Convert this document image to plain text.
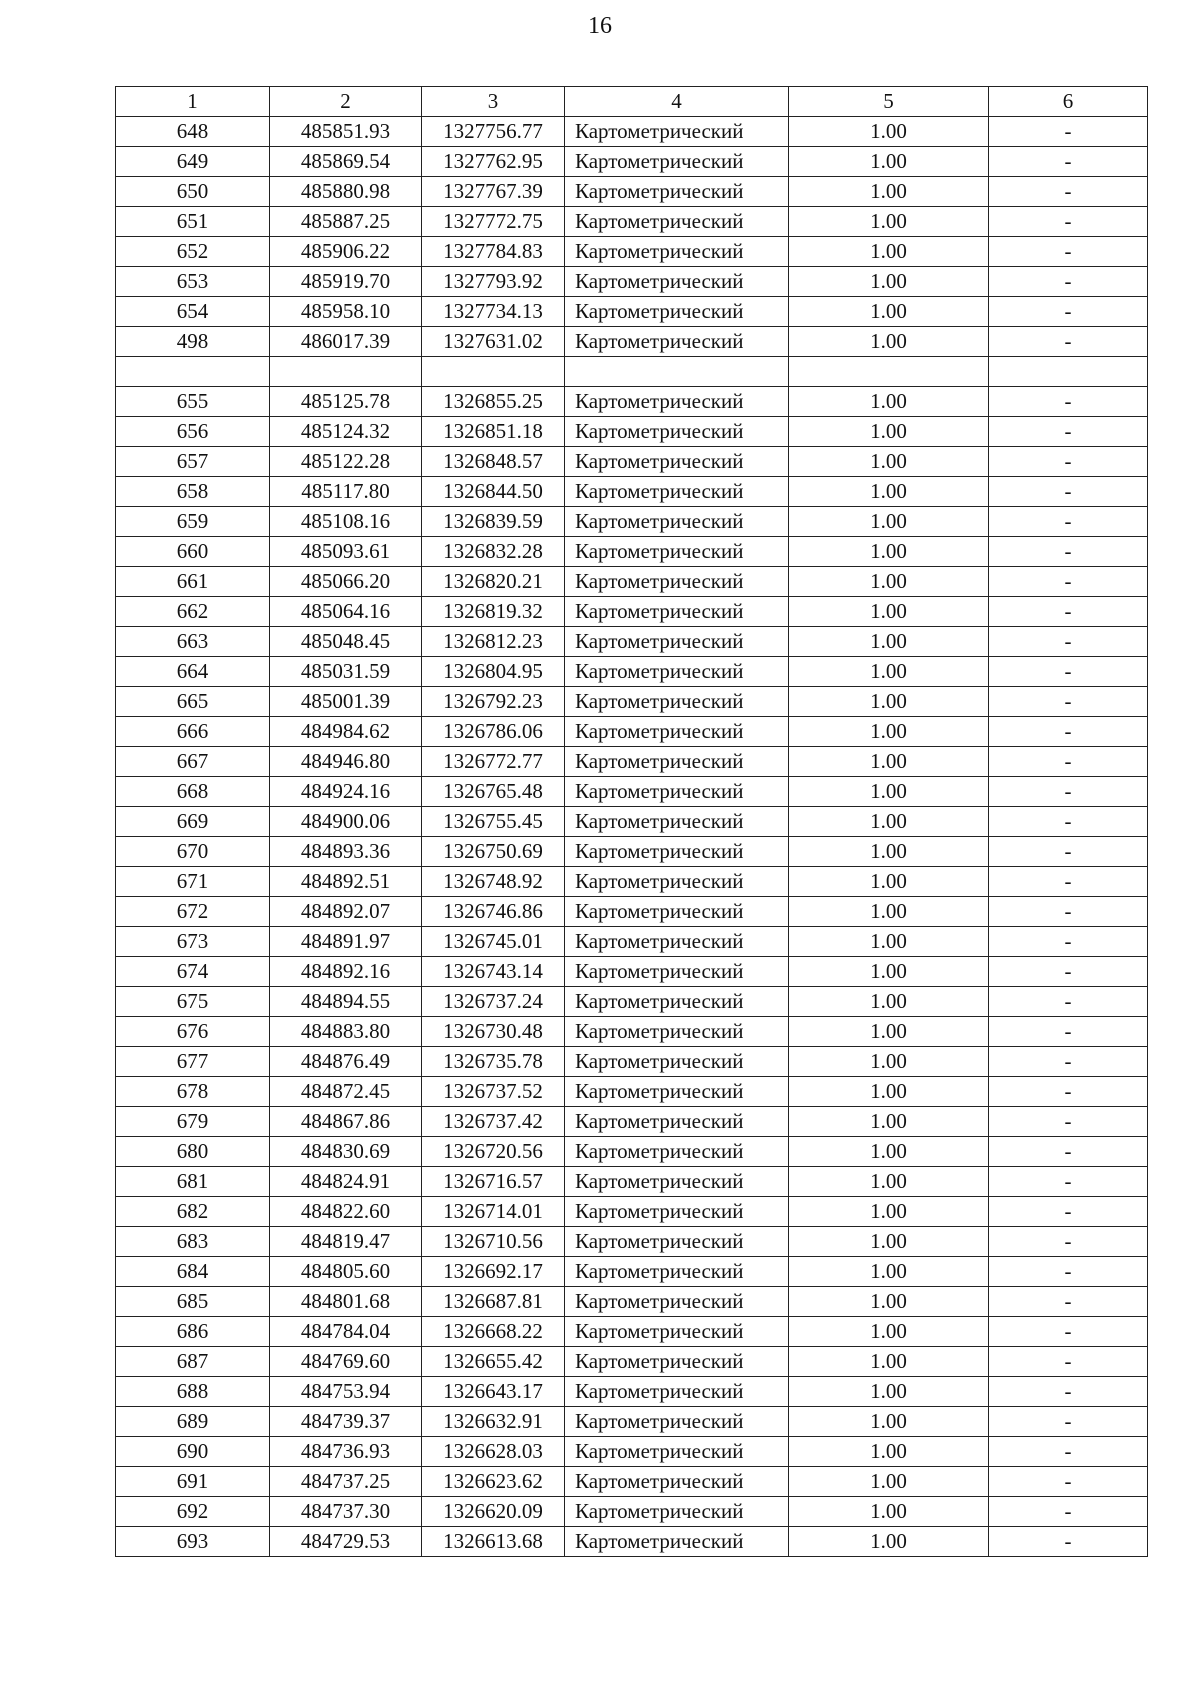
16
1	2	3	4	5	6
648	485851.93	1327756.77	Картометрический	1.00	-
649	485869.54	1327762.95	Картометрический	1.00	-
650	485880.98	1327767.39	Картометрический	1.00	-
651	485887.25	1327772.75	Картометрический	1.00	-
652	485906.22	1327784.83	Картометрический	1.00	-
653	485919.70	1327793.92	Картометрический	1.00	-
654	485958.10	1327734.13	Картометрический	1.00	-
498	486017.39	1327631.02	Картометрический	1.00	-

655	485125.78	1326855.25	Картометрический	1.00	-
656	485124.32	1326851.18	Картометрический	1.00	-
657	485122.28	1326848.57	Картометрический	1.00	-
658	485117.80	1326844.50	Картометрический	1.00	-
659	485108.16	1326839.59	Картометрический	1.00	-
660	485093.61	1326832.28	Картометрический	1.00	-
661	485066.20	1326820.21	Картометрический	1.00	-
662	485064.16	1326819.32	Картометрический	1.00	-
663	485048.45	1326812.23	Картометрический	1.00	-
664	485031.59	1326804.95	Картометрический	1.00	-
665	485001.39	1326792.23	Картометрический	1.00	-
666	484984.62	1326786.06	Картометрический	1.00	-
667	484946.80	1326772.77	Картометрический	1.00	-
668	484924.16	1326765.48	Картометрический	1.00	-
669	484900.06	1326755.45	Картометрический	1.00	-
670	484893.36	1326750.69	Картометрический	1.00	-
671	484892.51	1326748.92	Картометрический	1.00	-
672	484892.07	1326746.86	Картометрический	1.00	-
673	484891.97	1326745.01	Картометрический	1.00	-
674	484892.16	1326743.14	Картометрический	1.00	-
675	484894.55	1326737.24	Картометрический	1.00	-
676	484883.80	1326730.48	Картометрический	1.00	-
677	484876.49	1326735.78	Картометрический	1.00	-
678	484872.45	1326737.52	Картометрический	1.00	-
679	484867.86	1326737.42	Картометрический	1.00	-
680	484830.69	1326720.56	Картометрический	1.00	-
681	484824.91	1326716.57	Картометрический	1.00	-
682	484822.60	1326714.01	Картометрический	1.00	-
683	484819.47	1326710.56	Картометрический	1.00	-
684	484805.60	1326692.17	Картометрический	1.00	-
685	484801.68	1326687.81	Картометрический	1.00	-
686	484784.04	1326668.22	Картометрический	1.00	-
687	484769.60	1326655.42	Картометрический	1.00	-
688	484753.94	1326643.17	Картометрический	1.00	-
689	484739.37	1326632.91	Картометрический	1.00	-
690	484736.93	1326628.03	Картометрический	1.00	-
691	484737.25	1326623.62	Картометрический	1.00	-
692	484737.30	1326620.09	Картометрический	1.00	-
693	484729.53	1326613.68	Картометрический	1.00	-
